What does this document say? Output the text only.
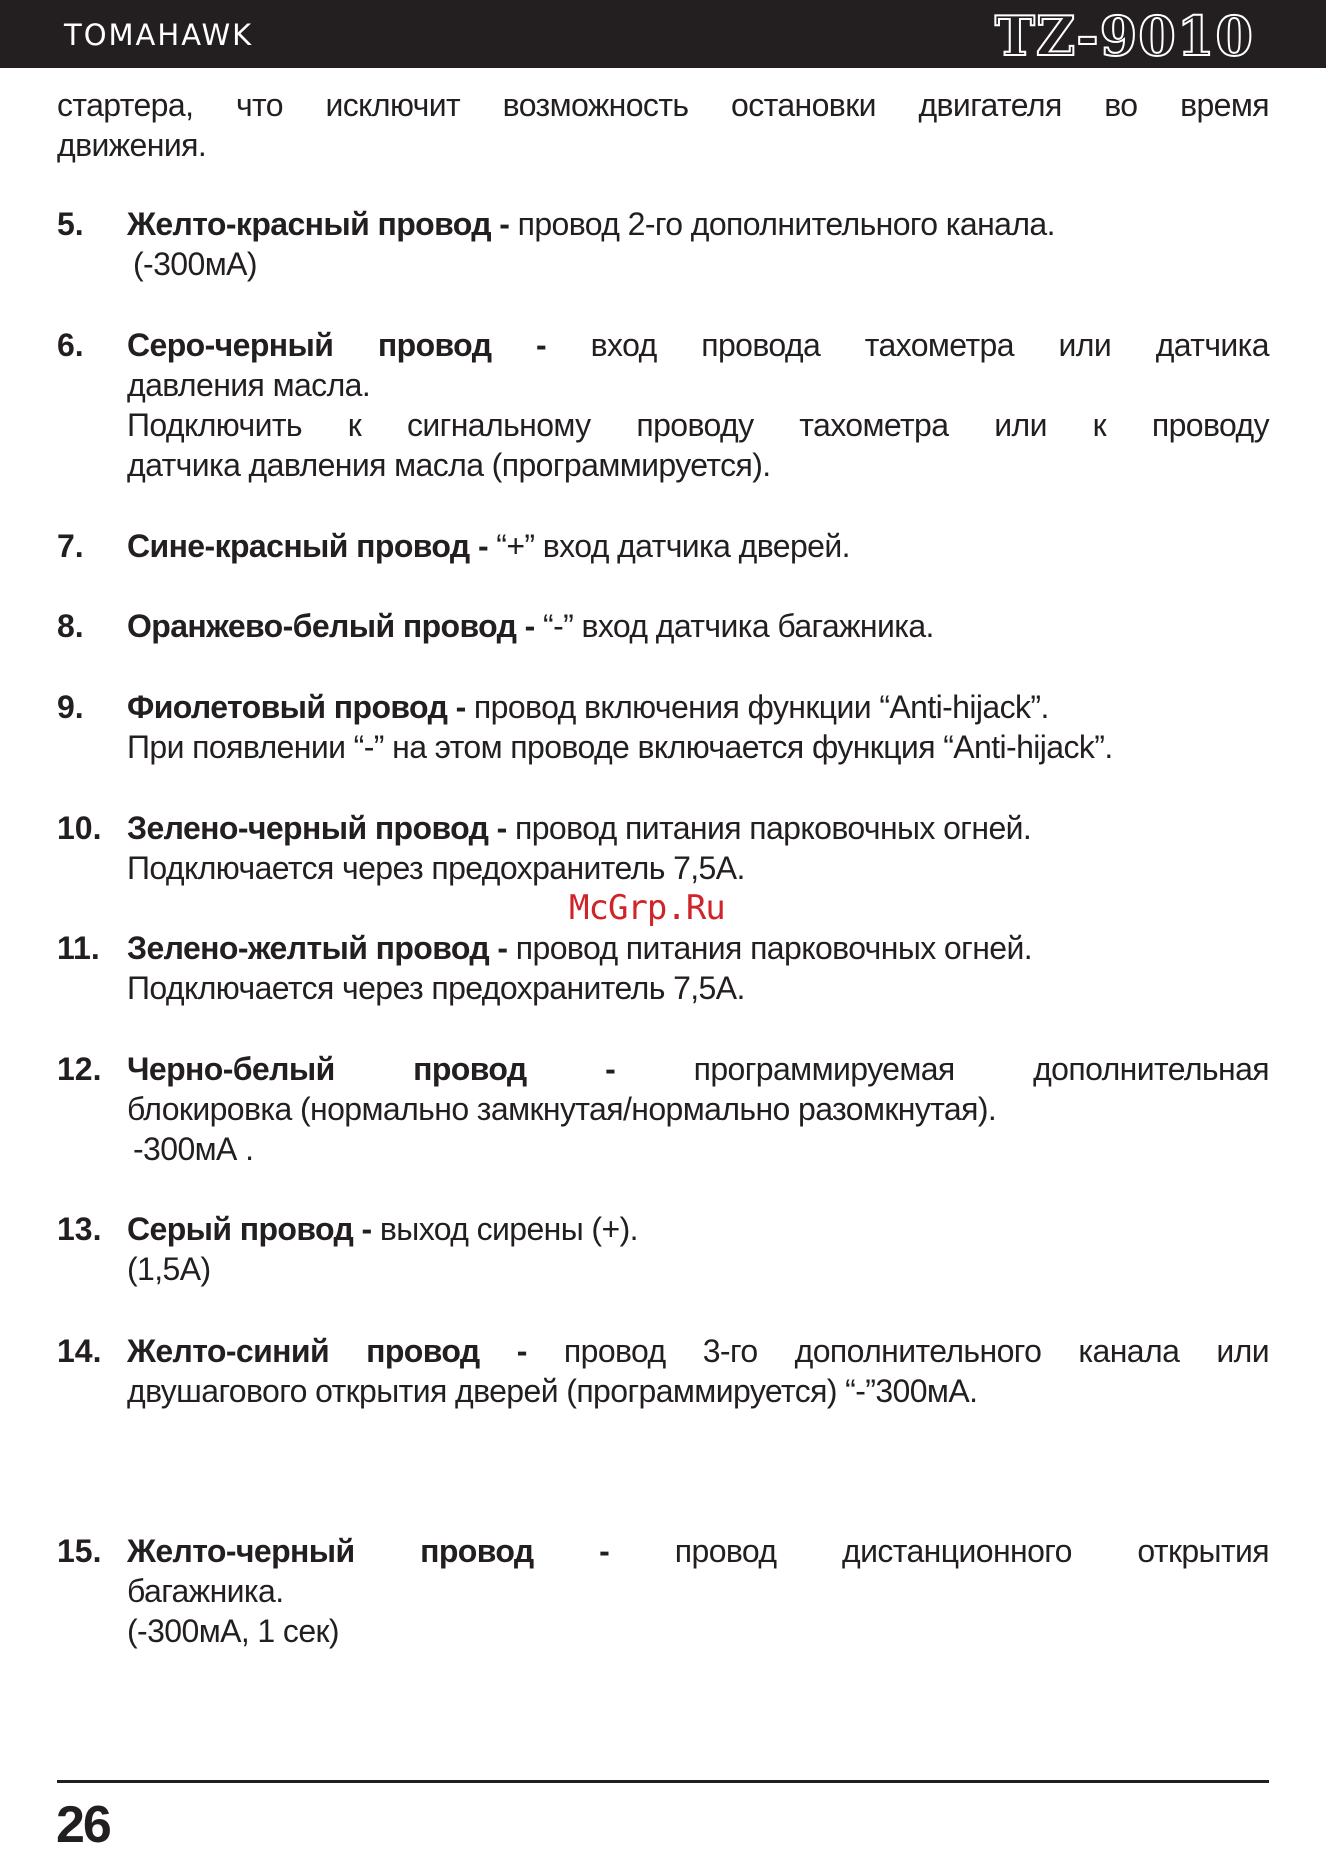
TOMAHAWK	TZ-9010
стартера, что исключит возможность остановки двигателя во время
движения.
5. Желто-красный провод - провод 2-го дополнительного канала.
(-300мА)
6. Серо-черный провод - вход провода тахометра или датчика
давления масла.
Подключить к сигнальному проводу тахометра или к проводу
датчика давления масла (программируется).
7. Сине-красный провод - “+” вход датчика дверей.
8. Оранжево-белый провод - “-” вход датчика багажника.
9. Фиолетовый провод - провод включения функции “Anti-hijack”.
При появлении “-” на этом проводе включается функция “Anti-hijack”.
10. Зелено-черный провод - провод питания парковочных огней.
Подключается через предохранитель 7,5А.
11. Зелено-желтый провод - провод питания парковочных огней.
Подключается через предохранитель 7,5А.
12. Черно-белый провод - программируемая дополнительная
блокировка (нормально замкнутая/нормально разомкнутая).
-300мА .
13. Серый провод - выход сирены (+).
(1,5А)
14. Желто-синий провод - провод 3-го дополнительного канала или
двушагового открытия дверей (программируется) “-”300мА.
15. Желто-черный провод - провод дистанционного открытия
багажника.
(-300мА, 1 сек)
McGrp.Ru
26
